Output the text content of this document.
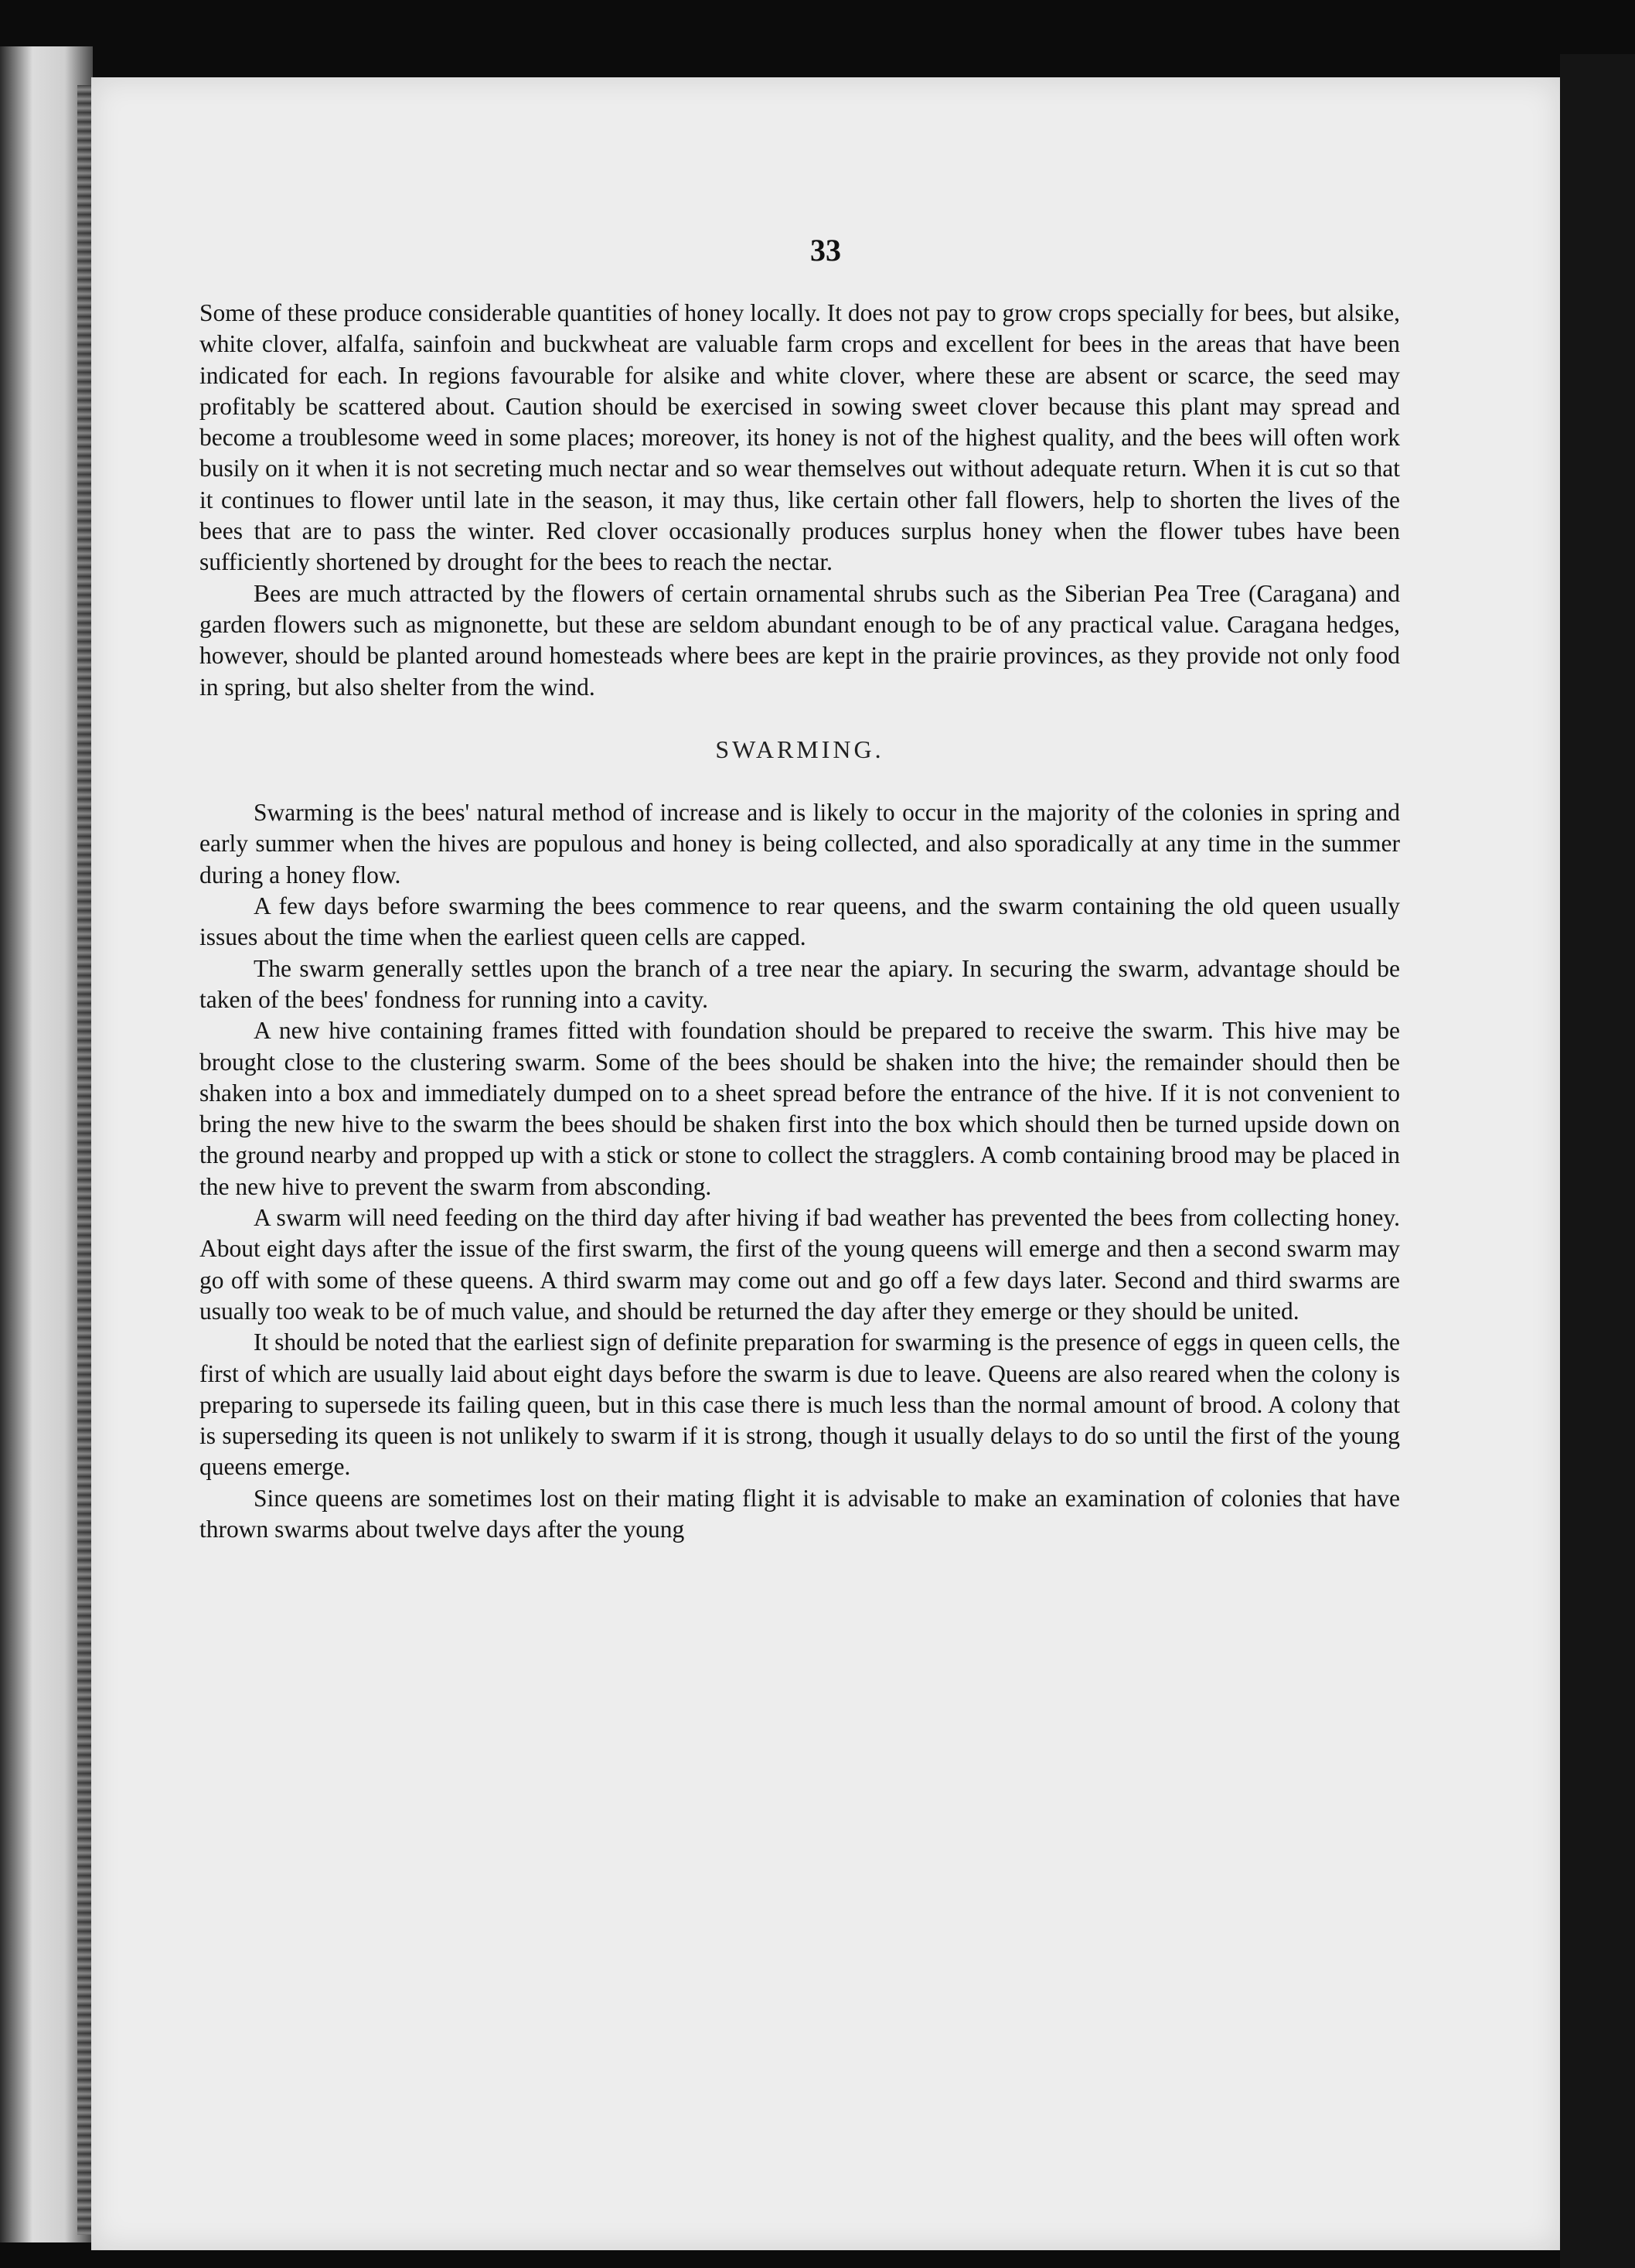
33

Some of these produce considerable quantities of honey locally. It does not pay to grow crops specially for bees, but alsike, white clover, alfalfa, sainfoin and buckwheat are valuable farm crops and excellent for bees in the areas that have been indicated for each. In regions favourable for alsike and white clover, where these are absent or scarce, the seed may profitably be scattered about. Caution should be exercised in sowing sweet clover because this plant may spread and become a troublesome weed in some places; moreover, its honey is not of the highest quality, and the bees will often work busily on it when it is not secreting much nectar and so wear themselves out without adequate return. When it is cut so that it continues to flower until late in the season, it may thus, like certain other fall flowers, help to shorten the lives of the bees that are to pass the winter. Red clover occasionally produces surplus honey when the flower tubes have been sufficiently shortened by drought for the bees to reach the nectar.

Bees are much attracted by the flowers of certain ornamental shrubs such as the Siberian Pea Tree (Caragana) and garden flowers such as mignonette, but these are seldom abundant enough to be of any practical value. Caragana hedges, however, should be planted around homesteads where bees are kept in the prairie provinces, as they provide not only food in spring, but also shelter from the wind.

SWARMING.

Swarming is the bees' natural method of increase and is likely to occur in the majority of the colonies in spring and early summer when the hives are populous and honey is being collected, and also sporadically at any time in the summer during a honey flow.

A few days before swarming the bees commence to rear queens, and the swarm containing the old queen usually issues about the time when the earliest queen cells are capped.

The swarm generally settles upon the branch of a tree near the apiary. In securing the swarm, advantage should be taken of the bees' fondness for running into a cavity.

A new hive containing frames fitted with foundation should be prepared to receive the swarm. This hive may be brought close to the clustering swarm. Some of the bees should be shaken into the hive; the remainder should then be shaken into a box and immediately dumped on to a sheet spread before the entrance of the hive. If it is not convenient to bring the new hive to the swarm the bees should be shaken first into the box which should then be turned upside down on the ground nearby and propped up with a stick or stone to collect the stragglers. A comb containing brood may be placed in the new hive to prevent the swarm from absconding.

A swarm will need feeding on the third day after hiving if bad weather has prevented the bees from collecting honey. About eight days after the issue of the first swarm, the first of the young queens will emerge and then a second swarm may go off with some of these queens. A third swarm may come out and go off a few days later. Second and third swarms are usually too weak to be of much value, and should be returned the day after they emerge or they should be united.

It should be noted that the earliest sign of definite preparation for swarming is the presence of eggs in queen cells, the first of which are usually laid about eight days before the swarm is due to leave. Queens are also reared when the colony is preparing to supersede its failing queen, but in this case there is much less than the normal amount of brood. A colony that is superseding its queen is not unlikely to swarm if it is strong, though it usually delays to do so until the first of the young queens emerge.

Since queens are sometimes lost on their mating flight it is advisable to make an examination of colonies that have thrown swarms about twelve days after the young
